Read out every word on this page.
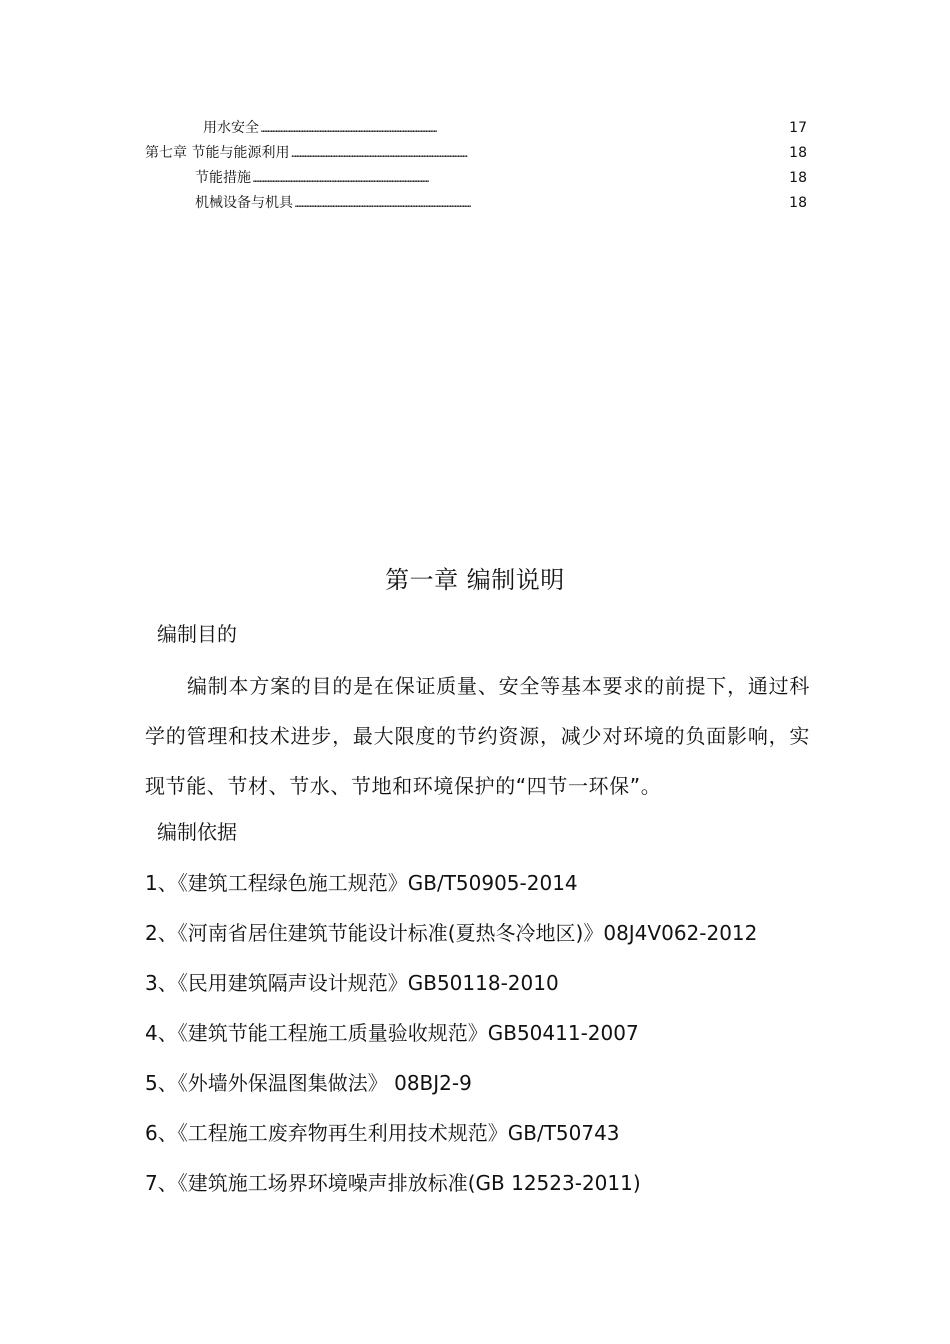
用水安全 . . .	17
第七章 节能与能源利用 . . .	18
节能措施 . . .	18
机械设备与机具 . . .	18
第一章 编制说明
编制目的

编制本方案的目的是在保证质量、安全等基本要求的前提下，通过科学的管理和技术进步，最大限度的节约资源，减少对环境的负面影响，实现节能、节材、节水、节地和环境保护的“四节一环保”。

编制依据
1、《建筑工程绿色施工规范》GB/T50905-2014
2、《河南省居住建筑节能设计标准(夏热冬冷地区)》08J4V062-2012
3、《民用建筑隔声设计规范》GB50118-2010
4、《建筑节能工程施工质量验收规范》GB50411-2007
5、《外墙外保温图集做法》 08BJ2-9
6、《工程施工废弃物再生利用技术规范》GB/T50743
7、《建筑施工场界环境噪声排放标准(GB 12523-2011)
